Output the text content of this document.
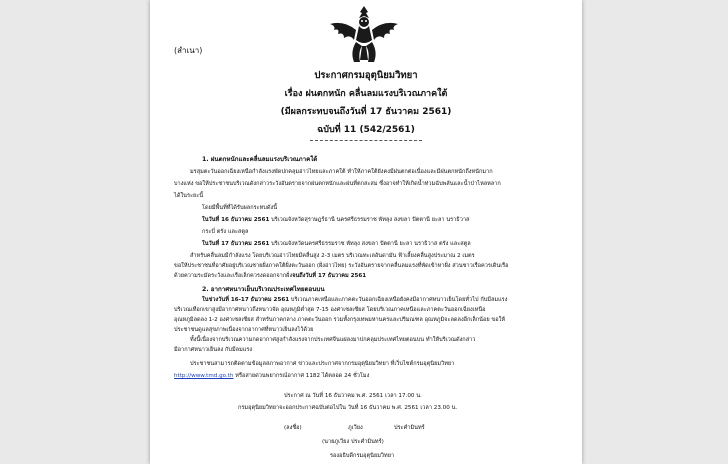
(สำเนา)
ประกาศกรมอุตุนิยมวิทยา
เรื่อง ฝนตกหนัก คลื่นลมแรงบริเวณภาคใต้
(มีผลกระทบจนถึงวันที่ 17 ธันวาคม 2561)
ฉบับที่ 11 (542/2561)
1. ฝนตกหนักและคลื่นลมแรงบริเวณภาคใต้
มรสุมตะวันออกเฉียงเหนือกำลังแรงพัดปกคลุมอ่าวไทยและภาคใต้ ทำให้ภาคใต้ยังคงมีฝนตกต่อเนื่องและมีฝนตกหนักถึงหนักมาก
บางแห่ง ขอให้ประชาชนบริเวณดังกล่าวระวังอันตรายจากฝนตกหนักและฝนที่ตกสะสม ซึ่งอาจทำให้เกิดน้ำท่วมฉับพลันและน้ำป่าไหลหลาก
ได้ในระยะนี้
โดยมีพื้นที่ที่ได้รับผลกระทบดังนี้
ในวันที่ 16 ธันวาคม 2561 บริเวณจังหวัดสุราษฎร์ธานี นครศรีธรรมราช พัทลุง สงขลา ปัตตานี ยะลา นราธิวาส
กระบี่ ตรัง และสตูล
ในวันที่ 17 ธันวาคม 2561 บริเวณจังหวัดนครศรีธรรมราช พัทลุง สงขลา ปัตตานี ยะลา นราธิวาส ตรัง และสตูล
สำหรับคลื่นลมมีกำลังแรง โดยบริเวณอ่าวไทยมีคลื่นสูง 2-3 เมตร บริเวณทะเลอันดามัน ฟ้าเลี้ยงคลื่นสูงประมาณ 2 เมตร
ขอให้ประชาชนที่อาศัยอยู่บริเวณชายฝั่งภาคใต้ฝั่งตะวันออก (ฝั่งอ่าวไทย) ระวังอันตรายจากคลื่นลมแรงที่พัดเข้าหาฝั่ง ส่วนชาวเรือควรเดินเรือ
ด้วยความระมัดระวังและเรือเล็กควรงดออกจากฝั่งจนถึงวันที่ 17 ธันวาคม 2561
2. อากาศหนาวเย็นบริเวณประเทศไทยตอนบน
ในช่วงวันที่ 16-17 ธันวาคม 2561 บริเวณภาคเหนือและภาคตะวันออกเฉียงเหนือยังคงมีอากาศหนาวเย็นโดยทั่วไป กับมีลมแรง
บริเวณเทือกเขาสูงมีอากาศหนาวถึงหนาวจัด อุณหภูมิต่ำสุด 7-15 องศาเซลเซียส โดยบริเวณภาคเหนือและภาคตะวันออกเฉียงเหนือ
อุณหภูมิลดลง 1-2 องศาเซลเซียส สำหรับภาคกลาง ภาคตะวันออก รวมทั้งกรุงเทพมหานครและปริมณฑล อุณหภูมิจะลดลงอีกเล็กน้อย ขอให้
ประชาชนดูแลสุขภาพเนื่องจากอากาศที่หนาวเย็นลงไว้ด้วย
ทั้งนี้เนื่องจากบริเวณความกดอากาศสูงกำลังแรงจากประเทศจีนแผ่ลงมาปกคลุมประเทศไทยตอนบน ทำให้บริเวณดังกล่าว
มีอากาศหนาวเย็นลง กับมีลมแรง
ประชาชนสามารถติดตามข้อมูลสภาพอากาศ ข่าวและประกาศจากกรมอุตุนิยมวิทยา ที่เว็บไซต์กรมอุตุนิยมวิทยา
http://www.tmd.go.th หรือสายด่วนพยากรณ์อากาศ 1182 ได้ตลอด 24 ชั่วโมง
ประกาศ ณ วันที่ 16 ธันวาคม พ.ศ. 2561 เวลา 17.00 น.
กรมอุตุนิยมวิทยาจะออกประกาศฉบับต่อไปใน วันที่ 16 ธันวาคม พ.ศ. 2561 เวลา 23.00 น.
(ลงชื่อ)	ภูเวียง	ประคำมินทร์
(นายภูเวียง ประคำมินทร์)
รองอธิบดีกรมอุตุนิยมวิทยา
